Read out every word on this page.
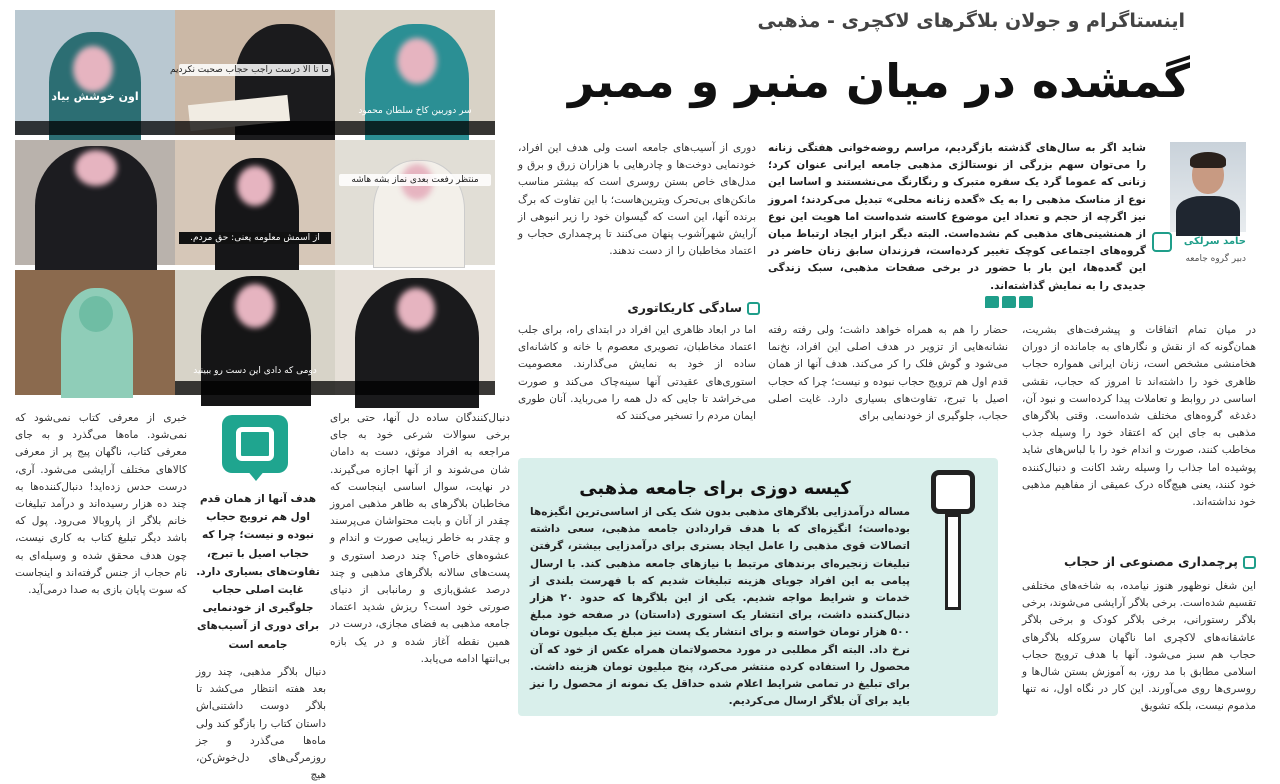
اون خوشش بیاد
ما تا الا درست راجب حجاب صحبت نکردیم
سر دوربین کاخ سلطان محمود
از اسمش معلومه یعنی: حق مردم.
منتظر رفعت بعدی نماز بشه هاشه
دومی که دادی این دست رو ببینید
اینستاگرام و جولان بلاگرهای لاکچری - مذهبی
گمشده در میان منبر و ممبر
حامد سرلکی
دبیر گروه جامعه
شاید اگر به سال‌های گذشته بازگردیم، مراسم روضه‌خوانی هفتگی زنانه را می‌توان سهم بزرگی از نوستالژی مذهبی جامعه ایرانی عنوان کرد؛ زنانی که عموما گرد یک سفره متبرک و رنگارنگ می‌نشستند و اساسا این نوع از مناسک مذهبی را به یک «گعده زنانه محلی» تبدیل می‌کردند؛ امروز نیز اگرچه از حجم و تعداد این موضوع کاسته شده‌است اما هویت این نوع از همنشینی‌های مذهبی کم نشده‌است. البته دیگر ابزار ایجاد ارتباط میان گروه‌های اجتماعی کوچک تغییر کرده‌است، فرزندان سابق زنان حاضر در این گعده‌ها، این بار با حضور در برخی صفحات مذهبی، سبک زندگی جدیدی را به نمایش گذاشته‌اند.
دوری از آسیب‌های جامعه است ولی هدف این افراد، خودنمایی دوخت‌ها و چادرهایی با هزاران زرق و برق و مدل‌های خاص بستن روسری است که بیشتر مناسب مانکن‌های بی‌تحرک ویترین‌هاست؛ با این تفاوت که برگ برنده آنها، این است که گیسوان خود را زیر انبوهی از آرایش شهرآشوب پنهان می‌کنند تا پرچمداری حجاب و اعتماد مخاطبان را از دست ندهند.
در میان تمام اتفاقات و پیشرفت‌های بشریت، همان‌گونه که از نقش و نگارهای به جامانده از دوران هخامنشی مشخص است، زنان ایرانی همواره حجاب ظاهری خود را داشته‌اند تا امروز که حجاب، نقشی اساسی در روابط و تعاملات پیدا کرده‌است و نبود آن، دغدغه گروه‌های مختلف شده‌است. وقتی بلاگرهای مذهبی به جای این که اعتقاد خود را وسیله جذب مخاطب کنند، صورت و اندام خود را با لباس‌های شاید پوشیده اما جذاب را وسیله رشد اکانت و دنبال‌کننده خود کنند، یعنی هیچ‌گاه درک عمیقی از مفاهیم مذهبی خود نداشته‌اند.
پرچمداری مصنوعی از حجاب
این شغل نوظهور هنوز نیامده، به شاخه‌های مختلفی تقسیم شده‌است. برخی بلاگر آرایشی می‌شوند، برخی بلاگر رستورانی، برخی بلاگر کودک و برخی بلاگر عاشقانه‌های لاکچری اما ناگهان سروکله بلاگرهای حجاب هم سبز می‌شود. آنها با هدف ترویج حجاب اسلامی مطابق با مد روز، به آموزش بستن شال‌ها و روسری‌ها روی می‌آورند. این کار در نگاه اول، نه تنها مذموم نیست، بلکه تشویق
حضار را هم به همراه خواهد داشت؛ ولی رفته رفته نشانه‌هایی از تزویر در هدف اصلی این افراد، نخ‌نما می‌شود و گوش فلک را کر می‌کند. هدف آنها از همان قدم اول هم ترویج حجاب نبوده و نیست؛ چرا که حجاب اصیل با تبرج، تفاوت‌های بسیاری دارد. غایت اصلی حجاب، جلوگیری از خودنمایی برای
سادگی کاریکاتوری
اما در ابعاد ظاهری این افراد در ابتدای راه، برای جلب اعتماد مخاطبان، تصویری معصوم با خانه و کاشانه‌ای ساده از خود به نمایش می‌گذارند. معصومیت استوری‌های عقیدتی آنها سینه‌چاک می‌کند و صورت می‌خراشد تا جایی که دل همه را می‌رباید. آنان طوری ایمان مردم را تسخیر می‌کنند که
کیسه دوزی برای جامعه مذهبی
مساله درآمدزایی بلاگرهای مذهبی بدون شک یکی از اساسی‌ترین انگیزه‌ها بوده‌است؛ انگیزه‌ای که با هدف قراردادن جامعه مذهبی، سعی داشته اتصالات قوی مذهبی را عامل ایجاد بستری برای درآمدزایی بیشتر، گرفتن تبلیغات زنجیره‌ای برندهای مرتبط با نیازهای جامعه مذهبی کند. با ارسال پیامی به این افراد جویای هزینه تبلیغات شدیم که با فهرست بلندی از خدمات و شرایط مواجه شدیم. یکی از این بلاگرها که حدود ۲۰ هزار دنبال‌کننده داشت، برای انتشار یک استوری (داستان) در صفحه خود مبلغ ۵۰۰ هزار تومان خواسته و برای انتشار یک پست نیز مبلغ یک میلیون تومان نرخ داد. البته اگر مطلبی در مورد محصولاتمان همراه عکس از خود که آن محصول را استفاده کرده منتشر می‌کرد، پنج میلیون تومان هزینه داشت. برای تبلیغ در تمامی شرایط اعلام شده حداقل یک نمونه از محصول را نیز باید برای آن بلاگر ارسال می‌کردیم.
خبری از معرفی کتاب نمی‌شود که نمی‌شود. ماه‌ها می‌گذرد و به جای معرفی کتاب، ناگهان پیج پر از معرفی کالاهای مختلف آرایشی می‌شود. آری، درست حدس زده‌اید! دنبال‌کننده‌ها به چند ده هزار رسیده‌اند و درآمد تبلیغات خانم بلاگر از پاروبالا می‌رود. پول که باشد دیگر تبلیغ کتاب به کاری نیست، چون هدف محقق شده و وسیله‌ای به نام حجاب از جنس گرفته‌اند و اینجاست که سوت پایان بازی به صدا درمی‌آید.
هدف آنها از همان قدم اول هم ترویج حجاب نبوده و نیست؛ چرا که حجاب اصیل با تبرج، تفاوت‌های بسیاری دارد. غایت اصلی حجاب جلوگیری از خودنمایی برای دوری از آسیب‌های جامعه است
دنبال‌کنندگان ساده دل آنها، حتی برای برخی سوالات شرعی خود به جای مراجعه به افراد موثق، دست به دامان شان می‌شوند و از آنها اجازه می‌گیرند. در نهایت، سوال اساسی اینجاست که مخاطبان بلاگرهای به ظاهر مذهبی امروز چقدر از آنان و بابت محتوا‌شان می‌پرسند و چقدر به خاطر زیبایی صورت و اندام و عشوه‌های خاص؟ چند درصد استوری و پست‌های سالانه بلاگرهای مذهبی و چند درصد عشق‌بازی و رمانبابی از دنیای صورتی خود است؟ ریزش شدید اعتماد جامعه مذهبی به فضای مجازی، درست در همین نقطه آغاز شده و در یک بازه بی‌انتها ادامه می‌یابد.
دنبال بلاگر مذهبی، چند روز بعد هفته انتظار می‌کشد تا بلاگر دوست داشتنی‌اش داستان کتاب را بازگو کند ولی ماه‌ها می‌گذرد و جز روزمرگی‌های دل‌خوش‌کن، هیچ
